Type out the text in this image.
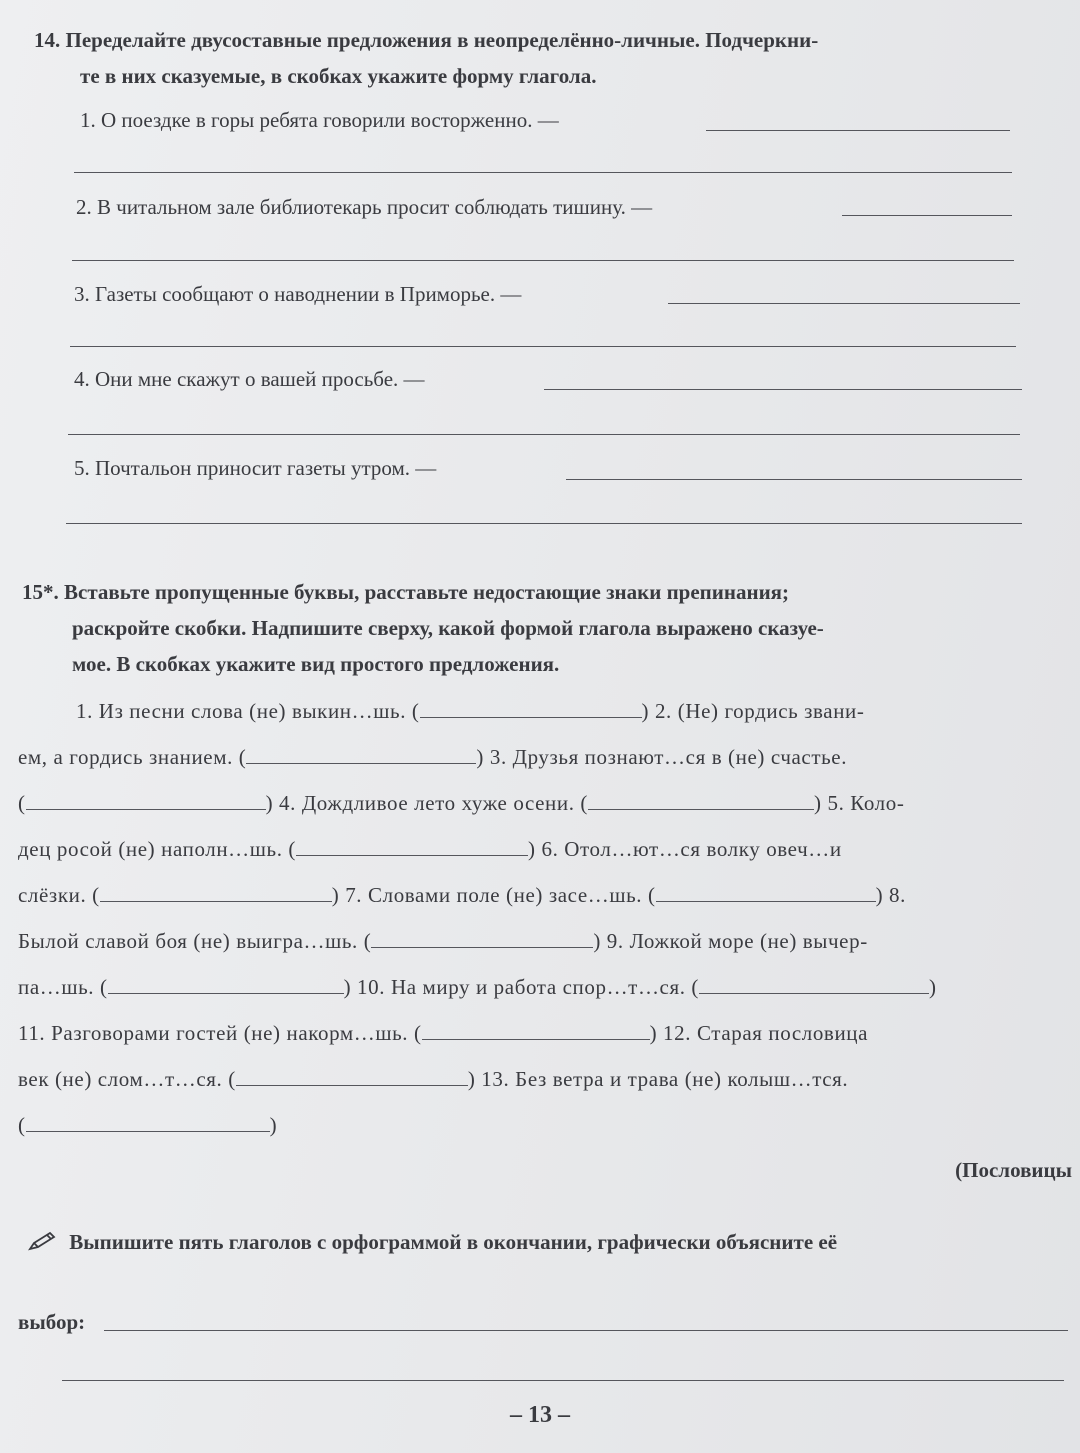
14. Переделайте двусоставные предложения в неопределённо-личные. Подчеркни-
те в них сказуемые, в скобках укажите форму глагола.
1. О поездке в горы ребята говорили восторженно. —
2. В читальном зале библиотекарь просит соблюдать тишину. —
3. Газеты сообщают о наводнении в Приморье. —
4. Они мне скажут о вашей просьбе. —
5. Почтальон приносит газеты утром. —
15*. Вставьте пропущенные буквы, расставьте недостающие знаки препинания;
раскройте скобки. Надпишите сверху, какой формой глагола выражено сказуе-
мое. В скобках укажите вид простого предложения.
1. Из песни слова (не) выкин…шь. (	) 2. (Не) гордись звани-
ем, а гордись знанием. (	) 3. Друзья познают…ся в (не) счастье.
(	) 4. Дождливое лето хуже осени. (	) 5. Коло-
дец росой (не) наполн…шь. (	) 6. Отол…ют…ся волку овеч…и
слёзки. (	) 7. Словами поле (не) засе…шь. (	) 8.
Былой славой боя (не) выигра…шь. (	) 9. Ложкой море (не) вычер-
па…шь. (	) 10. На миру и работа спор…т…ся. (	)
11. Разговорами гостей (не) накорм…шь. (	) 12. Старая пословица
век (не) слом…т…ся. (	) 13. Без ветра и трава (не) колыш…тся.
(	)
(Пословицы
Выпишите пять глаголов с орфограммой в окончании, графически объясните её
выбор:
– 13 –
